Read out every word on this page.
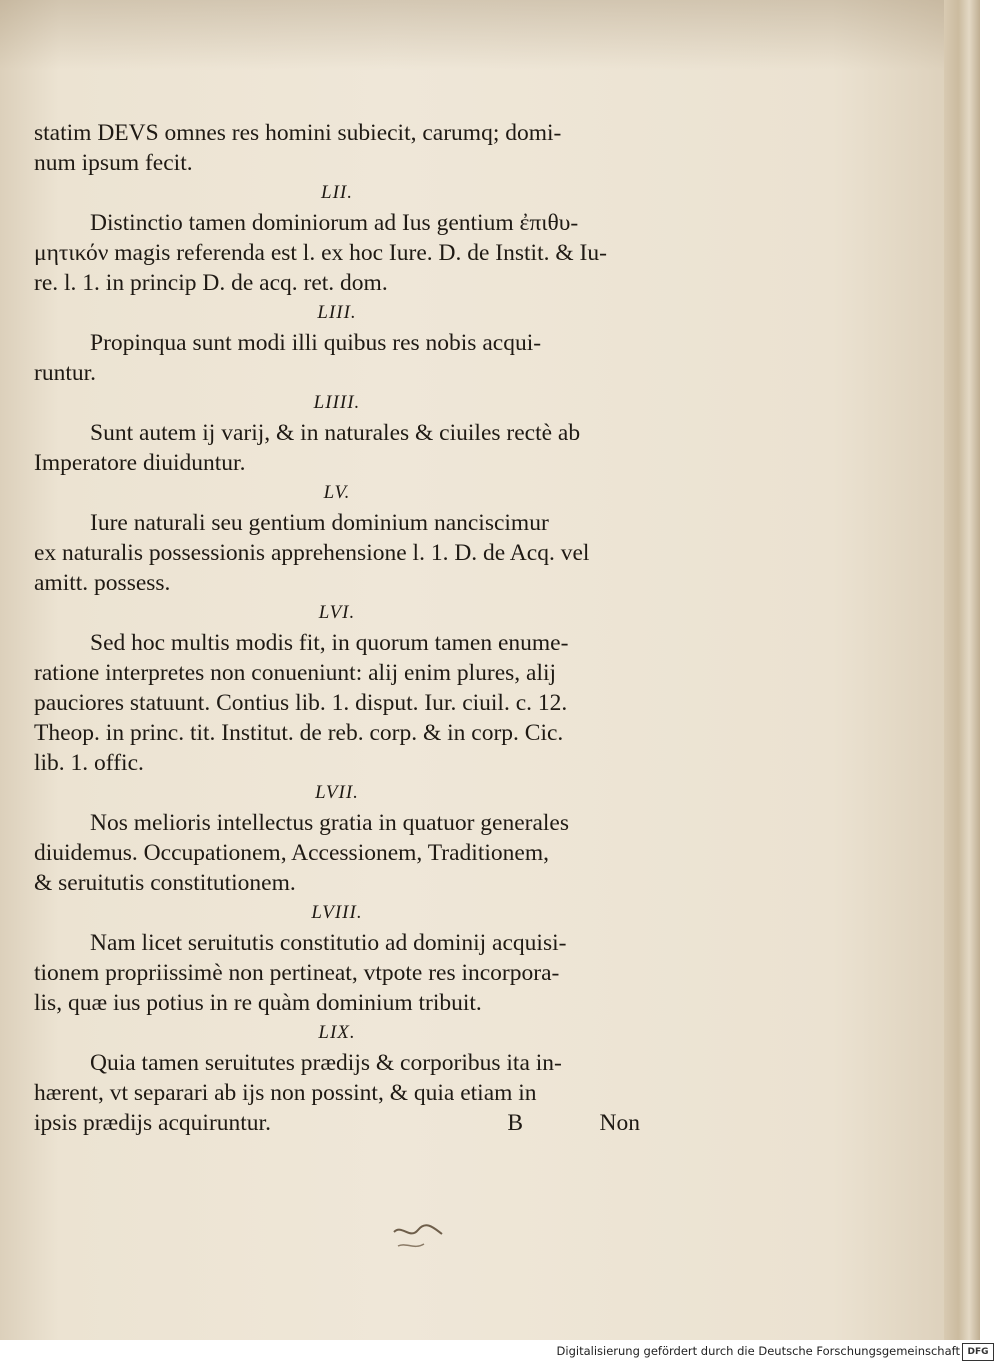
statim DEVS omnes res homini subiecit, carumq; domi-
num ipsum fecit.
LII.
Distinctio tamen dominiorum ad Ius gentium ἐπιθυ-
μητικόν magis referenda est l. ex hoc Iure. D. de Instit. & Iu-
re. l. 1. in princip D. de acq. ret. dom.
LIII.
Propinqua sunt modi illi quibus res nobis acqui-
runtur.
LIIII.
Sunt autem ij varij, & in naturales & ciuiles rectè ab
Imperatore diuiduntur.
LV.
Iure naturali seu gentium dominium nanciscimur
ex naturalis possessionis apprehensione l. 1. D. de Acq. vel
amitt. possess.
LVI.
Sed hoc multis modis fit, in quorum tamen enume-
ratione interpretes non conueniunt: alij enim plures, alij
pauciores statuunt. Contius lib. 1. disput. Iur. ciuil. c. 12.
Theop. in princ. tit. Institut. de reb. corp. & in corp. Cic.
lib. 1. offic.
LVII.
Nos melioris intellectus gratia in quatuor generales
diuidemus. Occupationem, Accessionem, Traditionem,
& seruitutis constitutionem.
LVIII.
Nam licet seruitutis constitutio ad dominij acquisi-
tionem propriissimè non pertineat, vtpote res incorpora-
lis, quæ ius potius in re quàm dominium tribuit.
LIX.
Quia tamen seruitutes prædijs & corporibus ita in-
hærent, vt separari ab ijs non possint, & quia etiam in
ipsis prædijs acquiruntur.	B	Non
Digitalisierung gefördert durch die Deutsche Forschungsgemeinschaft DFG
